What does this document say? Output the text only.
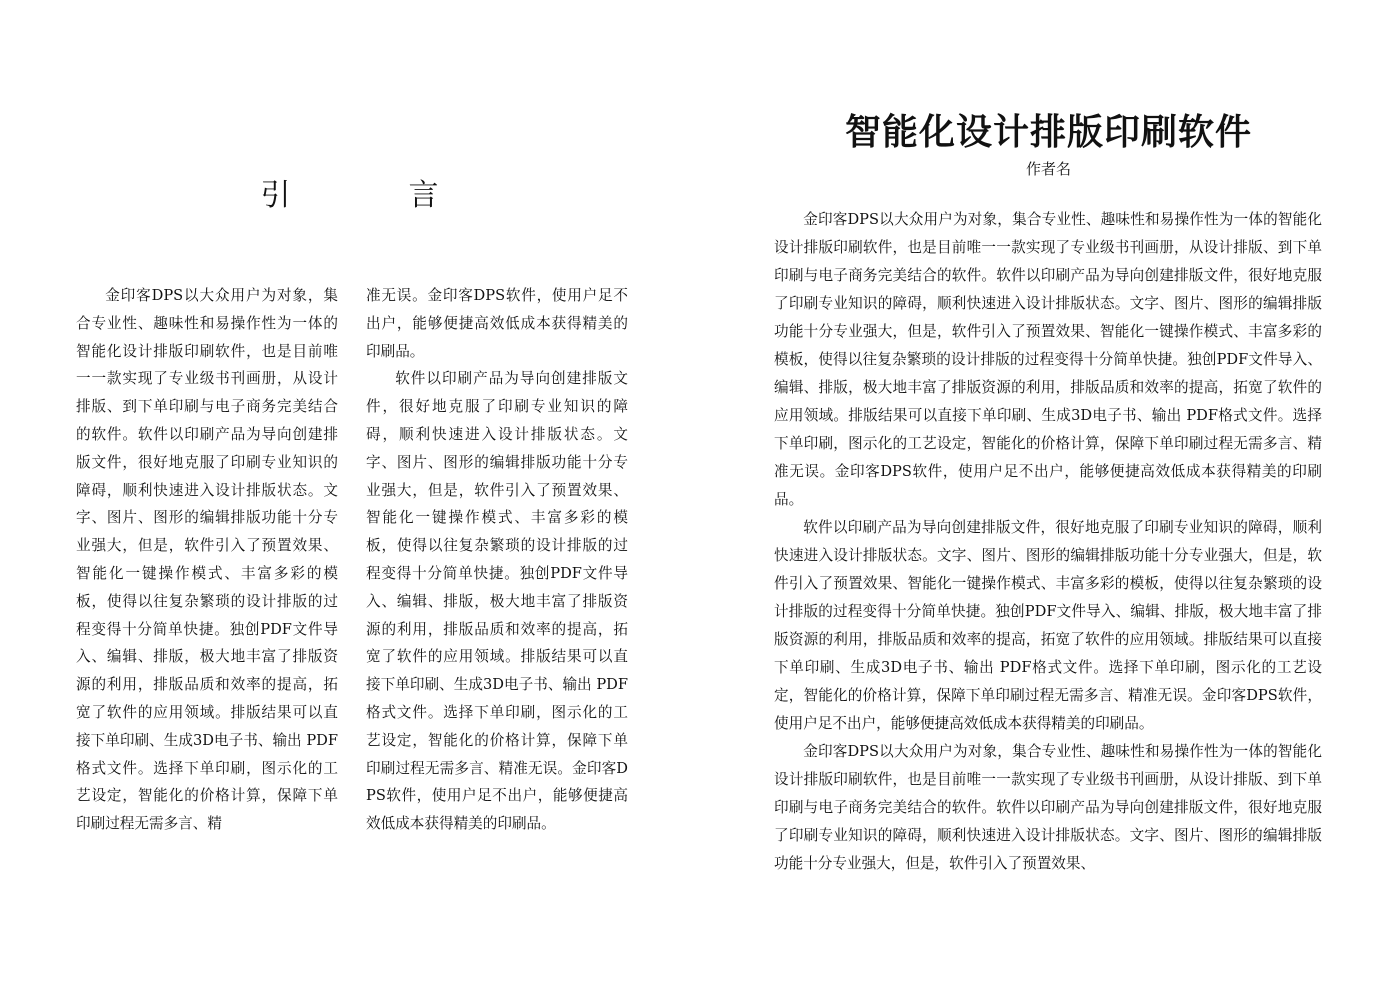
引　言

金印客DPS以大众用户为对象，集合专业性、趣味性和易操作性为一体的智能化设计排版印刷软件，也是目前唯一一款实现了专业级书刊画册，从设计排版、到下单印刷与电子商务完美结合的软件。软件以印刷产品为导向创建排版文件，很好地克服了印刷专业知识的障碍，顺利快速进入设计排版状态。文字、图片、图形的编辑排版功能十分专业强大，但是，软件引入了预置效果、智能化一键操作模式、丰富多彩的模板，使得以往复杂繁琐的设计排版的过程变得十分简单快捷。独创PDF文件导入、编辑、排版，极大地丰富了排版资源的利用，排版品质和效率的提高，拓宽了软件的应用领域。排版结果可以直接下单印刷、生成3D电子书、输出 PDF格式文件。选择下单印刷，图示化的工艺设定，智能化的价格计算，保障下单印刷过程无需多言、精

准无误。金印客DPS软件，使用户足不出户，能够便捷高效低成本获得精美的印刷品。

软件以印刷产品为导向创建排版文件，很好地克服了印刷专业知识的障碍，顺利快速进入设计排版状态。文字、图片、图形的编辑排版功能十分专业强大，但是，软件引入了预置效果、智能化一键操作模式、丰富多彩的模板，使得以往复杂繁琐的设计排版的过程变得十分简单快捷。独创PDF文件导入、编辑、排版，极大地丰富了排版资源的利用，排版品质和效率的提高，拓宽了软件的应用领域。排版结果可以直接下单印刷、生成3D电子书、输出 PDF格式文件。选择下单印刷，图示化的工艺设定，智能化的价格计算，保障下单印刷过程无需多言、精准无误。金印客DPS软件，使用户足不出户，能够便捷高效低成本获得精美的印刷品。

智能化设计排版印刷软件

作者名

金印客DPS以大众用户为对象，集合专业性、趣味性和易操作性为一体的智能化设计排版印刷软件，也是目前唯一一款实现了专业级书刊画册，从设计排版、到下单印刷与电子商务完美结合的软件。软件以印刷产品为导向创建排版文件，很好地克服了印刷专业知识的障碍，顺利快速进入设计排版状态。文字、图片、图形的编辑排版功能十分专业强大，但是，软件引入了预置效果、智能化一键操作模式、丰富多彩的模板，使得以往复杂繁琐的设计排版的过程变得十分简单快捷。独创PDF文件导入、编辑、排版，极大地丰富了排版资源的利用，排版品质和效率的提高，拓宽了软件的应用领域。排版结果可以直接下单印刷、生成3D电子书、输出 PDF格式文件。选择下单印刷，图示化的工艺设定，智能化的价格计算，保障下单印刷过程无需多言、精准无误。金印客DPS软件，使用户足不出户，能够便捷高效低成本获得精美的印刷品。

软件以印刷产品为导向创建排版文件，很好地克服了印刷专业知识的障碍，顺利快速进入设计排版状态。文字、图片、图形的编辑排版功能十分专业强大，但是，软件引入了预置效果、智能化一键操作模式、丰富多彩的模板，使得以往复杂繁琐的设计排版的过程变得十分简单快捷。独创PDF文件导入、编辑、排版，极大地丰富了排版资源的利用，排版品质和效率的提高，拓宽了软件的应用领域。排版结果可以直接下单印刷、生成3D电子书、输出 PDF格式文件。选择下单印刷，图示化的工艺设定，智能化的价格计算，保障下单印刷过程无需多言、精准无误。金印客DPS软件，使用户足不出户，能够便捷高效低成本获得精美的印刷品。

金印客DPS以大众用户为对象，集合专业性、趣味性和易操作性为一体的智能化设计排版印刷软件，也是目前唯一一款实现了专业级书刊画册，从设计排版、到下单印刷与电子商务完美结合的软件。软件以印刷产品为导向创建排版文件，很好地克服了印刷专业知识的障碍，顺利快速进入设计排版状态。文字、图片、图形的编辑排版功能十分专业强大，但是，软件引入了预置效果、
